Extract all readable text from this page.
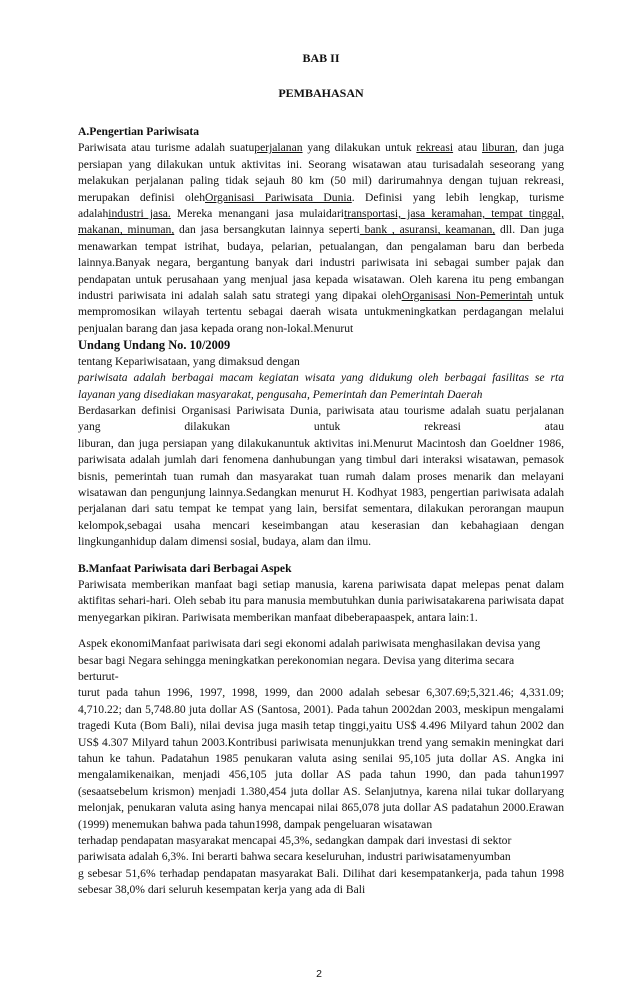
BAB II

PEMBAHASAN

A.Pengertian Pariwisata

Pariwisata atau turisme adalah suatuperjalanan yang dilakukan untuk rekreasi atau liburan, dan juga persiapan yang dilakukan untuk aktivitas ini. Seorang wisatawan atau turisadalah seseorang yang melakukan perjalanan paling tidak sejauh 80 km (50 mil) darirumahnya dengan tujuan rekreasi, merupakan definisi olehOrganisasi Pariwisata Dunia. Definisi yang lebih lengkap, turisme adalahindustri jasa. Mereka menangani jasa mulaidaritransportasi, jasa keramahan, tempat tinggal, makanan, minuman, dan jasa bersangkutan lainnya seperti bank , asuransi, keamanan, dll. Dan juga menawarkan tempat istrihat, budaya, pelarian, petualangan, dan pengalaman baru dan berbeda lainnya.Banyak negara, bergantung banyak dari industri pariwisata ini sebagai sumber pajak dan pendapatan untuk perusahaan yang menjual jasa kepada wisatawan. Oleh karena itu peng embangan industri pariwisata ini adalah salah satu strategi yang dipakai olehOrganisasi Non-Pemerintah untuk mempromosikan wilayah tertentu sebagai daerah wisata untukmeningkatkan perdagangan melalui penjualan barang dan jasa kepada orang non-lokal.Menurut

Undang Undang No. 10/2009

tentang Kepariwisataan, yang dimaksud dengan

pariwisata adalah berbagai macam kegiatan wisata yang didukung oleh berbagai fasilitas se rta layanan yang disediakan masyarakat, pengusaha, Pemerintah dan Pemerintah Daerah

Berdasarkan definisi Organisasi Pariwisata Dunia, pariwisata atau tourisme adalah suatu perjalanan yang dilakukan untuk rekreasi atau

liburan, dan juga persiapan yang dilakukanuntuk aktivitas ini.Menurut Macintosh dan Goeldner 1986, pariwisata adalah jumlah dari fenomena danhubungan yang timbul dari interaksi wisatawan, pemasok bisnis, pemerintah tuan rumah dan masyarakat tuan rumah dalam proses menarik dan melayani wisatawan dan pengunjung lainnya.Sedangkan menurut H. Kodhyat 1983, pengertian pariwisata adalah perjalanan dari satu tempat ke tempat yang lain, bersifat sementara, dilakukan perorangan maupun kelompok,sebagai usaha mencari keseimbangan atau keserasian dan kebahagiaan dengan lingkunganhidup dalam dimensi sosial, budaya, alam dan ilmu.

B.Manfaat Pariwisata dari Berbagai Aspek

Pariwisata memberikan manfaat bagi setiap manusia, karena pariwisata dapat melepas penat dalam aktifitas sehari-hari. Oleh sebab itu para manusia membutuhkan dunia pariwisatakarena pariwisata dapat menyegarkan pikiran. Pariwisata memberikan manfaat dibeberapaaspek, antara lain:1.

Aspek ekonomiManfaat pariwisata dari segi ekonomi adalah pariwisata menghasilakan devisa yang

besar bagi Negara sehingga meningkatkan perekonomian negara. Devisa yang diterima secara

berturut-

turut pada tahun 1996, 1997, 1998, 1999, dan 2000 adalah sebesar 6,307.69;5,321.46; 4,331.09; 4,710.22; dan 5,748.80 juta dollar AS (Santosa, 2001). Pada tahun 2002dan 2003, meskipun mengalami tragedi Kuta (Bom Bali), nilai devisa juga masih tetap tinggi,yaitu US$ 4.496 Milyard tahun 2002 dan US$ 4.307 Milyard tahun 2003.Kontribusi pariwisata menunjukkan trend yang semakin meningkat dari tahun ke tahun. Padatahun 1985 penukaran valuta asing senilai 95,105 juta dollar AS. Angka ini mengalamikenaikan, menjadi 456,105 juta dollar AS pada tahun 1990, dan pada tahun1997 (sesaatsebelum krismon) menjadi 1.380,454 juta dollar AS. Selanjutnya, karena nilai tukar dollaryang melonjak, penukaran valuta asing hanya mencapai nilai 865,078 juta dollar AS padatahun 2000.Erawan (1999) menemukan bahwa pada tahun1998, dampak pengeluaran wisatawan

terhadap pendapatan masyarakat mencapai 45,3%, sedangkan dampak dari investasi di sektor

pariwisata adalah 6,3%. Ini berarti bahwa secara keseluruhan, industri pariwisatamenyumban

g sebesar 51,6% terhadap pendapatan masyarakat Bali. Dilihat dari kesempatankerja, pada tahun 1998 sebesar 38,0% dari seluruh kesempatan kerja yang ada di Bali

2
